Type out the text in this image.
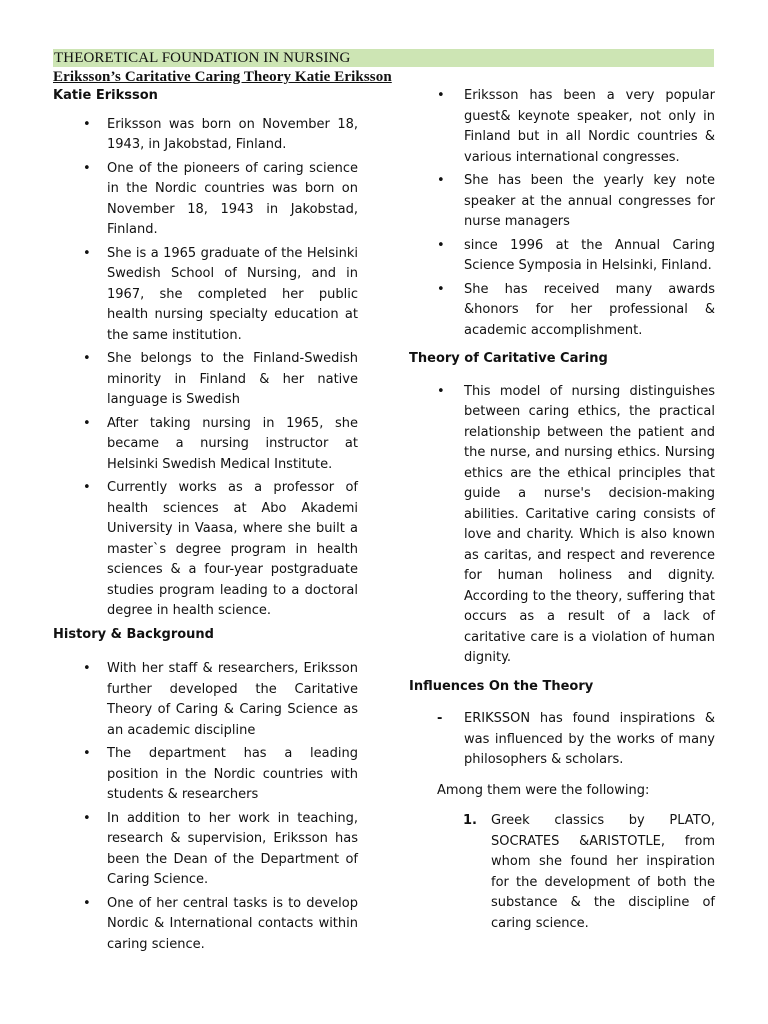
THEORETICAL FOUNDATION IN NURSING
Eriksson’s Caritative Caring Theory Katie Eriksson

Katie Eriksson

• Eriksson was born on November 18, 1943, in Jakobstad, Finland.
• One of the pioneers of caring science in the Nordic countries was born on November 18, 1943 in Jakobstad, Finland.
• She is a 1965 graduate of the Helsinki Swedish School of Nursing, and in 1967, she completed her public health nursing specialty education at the same institution.
• She belongs to the Finland-Swedish minority in Finland & her native language is Swedish
• After taking nursing in 1965, she became a nursing instructor at Helsinki Swedish Medical Institute.
• Currently works as a professor of health sciences at Abo Akademi University in Vaasa, where she built a master`s degree program in health sciences & a four-year postgraduate studies program leading to a doctoral degree in health science.

History & Background

• With her staff & researchers, Eriksson further developed the Caritative Theory of Caring & Caring Science as an academic discipline
• The department has a leading position in the Nordic countries with students & researchers
• In addition to her work in teaching, research & supervision, Eriksson has been the Dean of the Department of Caring Science.
• One of her central tasks is to develop Nordic & International contacts within caring science.
• Eriksson has been a very popular guest& keynote speaker, not only in Finland but in all Nordic countries & various international congresses.
• She has been the yearly key note speaker at the annual congresses for nurse managers
• since 1996 at the Annual Caring Science Symposia in Helsinki, Finland.
• She has received many awards &honors for her professional & academic accomplishment.

Theory of Caritative Caring

• This model of nursing distinguishes between caring ethics, the practical relationship between the patient and the nurse, and nursing ethics. Nursing ethics are the ethical principles that guide a nurse's decision-making abilities. Caritative caring consists of love and charity. Which is also known as caritas, and respect and reverence for human holiness and dignity. According to the theory, suffering that occurs as a result of a lack of caritative care is a violation of human dignity.

Influences On the Theory

- ERIKSSON has found inspirations & was influenced by the works of many philosophers & scholars.

Among them were the following:

1. Greek classics by PLATO, SOCRATES &ARISTOTLE, from whom she found her inspiration for the development of both the substance & the discipline of caring science.
